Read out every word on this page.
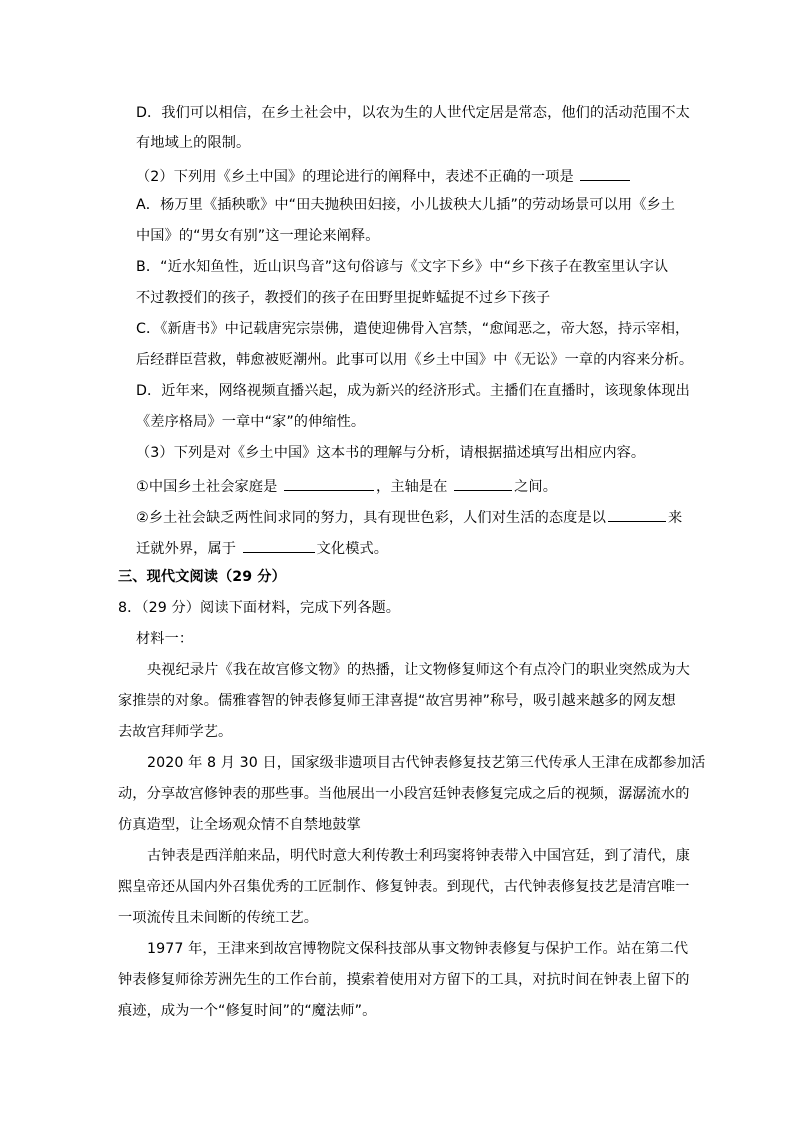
D．我们可以相信，在乡土社会中，以农为生的人世代定居是常态，他们的活动范围不太
有地域上的限制。
（2）下列用《乡土中国》的理论进行的阐释中，表述不正确的一项是
A．杨万里《插秧歌》中“田夫抛秧田妇接，小儿拔秧大儿插”的劳动场景可以用《乡土
中国》的“男女有别”这一理论来阐释。
B．“近水知鱼性，近山识鸟音”这句俗谚与《文字下乡》中“乡下孩子在教室里认字认
不过教授们的孩子，教授们的孩子在田野里捉蚱蜢捉不过乡下孩子
C．《新唐书》中记载唐宪宗崇佛，遣使迎佛骨入宫禁，“愈闻恶之，帝大怒，持示宰相，
后经群臣营救，韩愈被贬潮州。此事可以用《乡土中国》中《无讼》一章的内容来分析。
D．近年来，网络视频直播兴起，成为新兴的经济形式。主播们在直播时，该现象体现出
《差序格局》一章中“家”的伸缩性。
（3）下列是对《乡土中国》这本书的理解与分析，请根据描述填写出相应内容。
①中国乡土社会家庭是	，主轴是在	之间。
②乡土社会缺乏两性间求同的努力，具有现世色彩，人们对生活的态度是以	来
迁就外界，属于	文化模式。
三、现代文阅读（29 分）
8．（29 分）阅读下面材料，完成下列各题。
材料一：
央视纪录片《我在故宫修文物》的热播，让文物修复师这个有点冷门的职业突然成为大
家推崇的对象。儒雅睿智的钟表修复师王津喜提“故宫男神”称号，吸引越来越多的网友想
去故宫拜师学艺。
2020 年 8 月 30 日，国家级非遗项目古代钟表修复技艺第三代传承人王津在成都参加活
动，分享故宫修钟表的那些事。当他展出一小段宫廷钟表修复完成之后的视频，潺潺流水的
仿真造型，让全场观众情不自禁地鼓掌
古钟表是西洋舶来品，明代时意大利传教士利玛窦将钟表带入中国宫廷，到了清代，康
熙皇帝还从国内外召集优秀的工匠制作、修复钟表。到现代，古代钟表修复技艺是清宫唯一
一项流传且未间断的传统工艺。
1977 年，王津来到故宫博物院文保科技部从事文物钟表修复与保护工作。站在第二代
钟表修复师徐芳洲先生的工作台前，摸索着使用对方留下的工具，对抗时间在钟表上留下的
痕迹，成为一个“修复时间”的“魔法师”。
